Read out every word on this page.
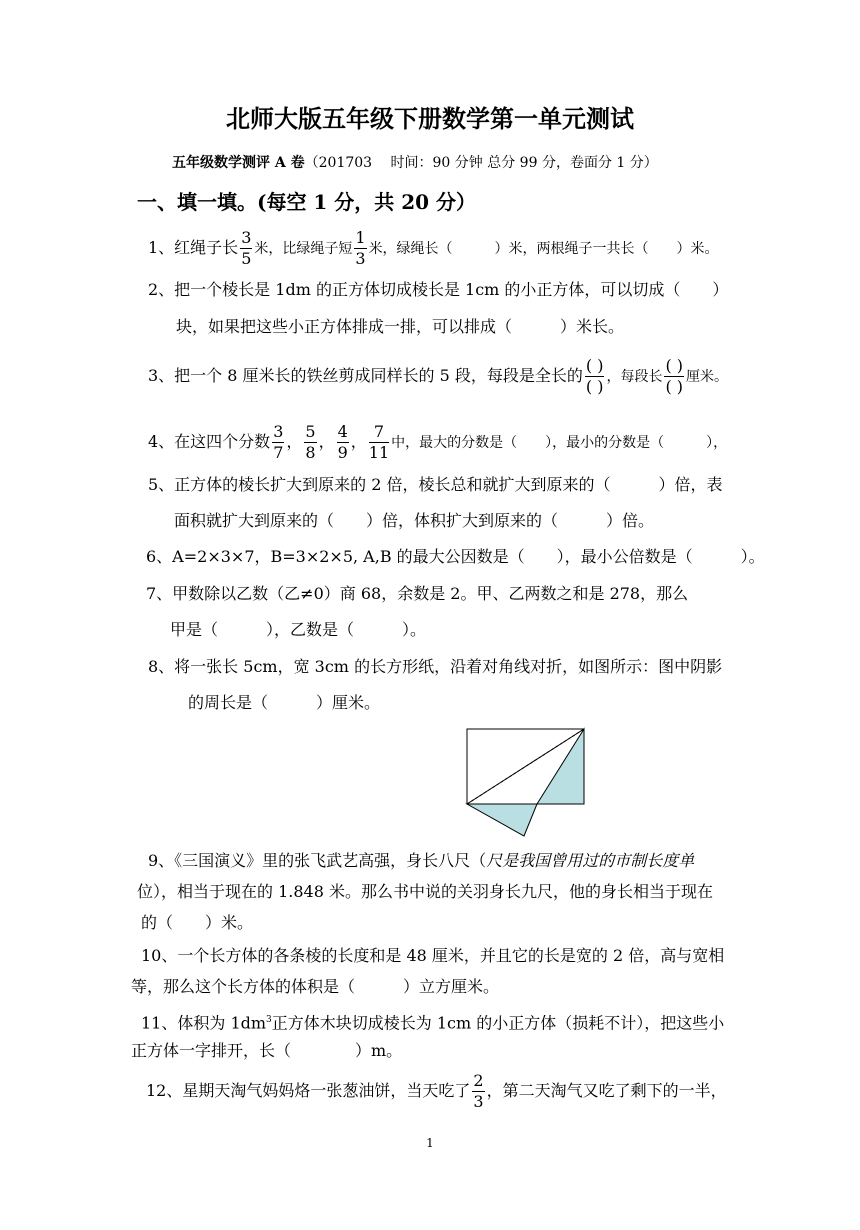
北师大版五年级下册数学第一单元测试
五年级数学测评 A 卷（201703　 时间：90 分钟 总分 99 分，卷面分 1 分）
一、填一填。(每空 1 分，共 20 分）
1、红绳子长 $\frac{3}{5}$ 米，比绿绳子短 $\frac{1}{3}$ 米，绿绳长（　　　）米，两根绳子一共长（　　）米。
2、把一个棱长是 1dm 的正方体切成棱长是 1cm 的小正方体，可以切成（　　）
块，如果把这些小正方体排成一排，可以排成（　　　）米长。
3、把一个 8 厘米长的铁丝剪成同样长的 5 段，每段是全长的 $\frac{( )}{( )}$ ，每段长 $\frac{( )}{( )}$ 厘米。
4、在这四个分数 $\frac{3}{7}$ ， $\frac{5}{8}$ ， $\frac{4}{9}$ ， $\frac{7}{11}$ 中，最大的分数是（　　），最小的分数是（　　　），
5、正方体的棱长扩大到原来的 2 倍，棱长总和就扩大到原来的（　　　）倍，表
面积就扩大到原来的（　　）倍，体积扩大到原来的（　　　）倍。
6、A=2×3×7，B=3×2×5, A,B 的最大公因数是（　　），最小公倍数是（　　　）。
7、甲数除以乙数（乙≠0）商 68，余数是 2。甲、乙两数之和是 278，那么
甲是（　　　），乙数是（　　　）。
8、将一张长 5cm，宽 3cm 的长方形纸，沿着对角线对折，如图所示：图中阴影
的周长是（　　　）厘米。
9、《三国演义》里的张飞武艺高强，身长八尺（尺是我国曾用过的市制长度单
位），相当于现在的 1.848 米。那么书中说的关羽身长九尺，他的身长相当于现在
的（　　）米。
10、一个长方体的各条棱的长度和是 48 厘米，并且它的长是宽的 2 倍，高与宽相
等，那么这个长方体的体积是（　　　）立方厘米。
11、体积为 $1dm^3$正方体木块切成棱长为 1cm 的小正方体（损耗不计），把这些小
正方体一字排开，长（　　　　）m。
12、星期天淘气妈妈烙一张葱油饼，当天吃了 $\frac{2}{3}$ ，第二天淘气又吃了剩下的一半，
1
